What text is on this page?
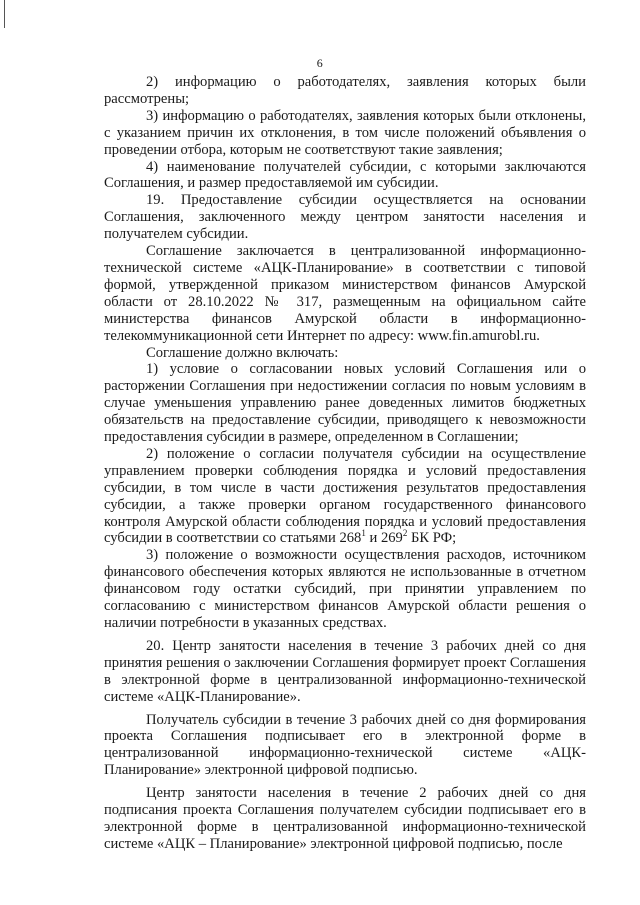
6

2) информацию о работодателях, заявления которых были рассмотрены;

3) информацию о работодателях, заявления которых были отклонены, с указанием причин их отклонения, в том числе положений объявления о проведении отбора, которым не соответствуют такие заявления;

4) наименование получателей субсидии, с которыми заключаются Соглашения, и размер предоставляемой им субсидии.

19. Предоставление субсидии осуществляется на основании Соглашения, заключенного между центром занятости населения и получателем субсидии.

Соглашение заключается в централизованной информационно-технической системе «АЦК-Планирование» в соответствии с типовой формой, утвержденной приказом министерством финансов Амурской области от 28.10.2022 № 317, размещенным на официальном сайте министерства финансов Амурской области в информационно-телекоммуникационной сети Интернет по адресу: www.fin.amurobl.ru.

Соглашение должно включать:

1) условие о согласовании новых условий Соглашения или о расторжении Соглашения при недостижении согласия по новым условиям в случае уменьшения управлению ранее доведенных лимитов бюджетных обязательств на предоставление субсидии, приводящего к невозможности предоставления субсидии в размере, определенном в Соглашении;

2) положение о согласии получателя субсидии на осуществление управлением проверки соблюдения порядка и условий предоставления субсидии, в том числе в части достижения результатов предоставления субсидии, а также проверки органом государственного финансового контроля Амурской области соблюдения порядка и условий предоставления субсидии в соответствии со статьями $268^1$ и $269^2$ БК РФ;

3) положение о возможности осуществления расходов, источником финансового обеспечения которых являются не использованные в отчетном финансовом году остатки субсидий, при принятии управлением по согласованию с министерством финансов Амурской области решения о наличии потребности в указанных средствах.

20. Центр занятости населения в течение 3 рабочих дней со дня принятия решения о заключении Соглашения формирует проект Соглашения в электронной форме в централизованной информационно-технической системе «АЦК-Планирование».

Получатель субсидии в течение 3 рабочих дней со дня формирования проекта Соглашения подписывает его в электронной форме в централизованной информационно-технической системе «АЦК-Планирование» электронной цифровой подписью.

Центр занятости населения в течение 2 рабочих дней со дня подписания проекта Соглашения получателем субсидии подписывает его в электронной форме в централизованной информационно-технической системе «АЦК – Планирование» электронной цифровой подписью, после
